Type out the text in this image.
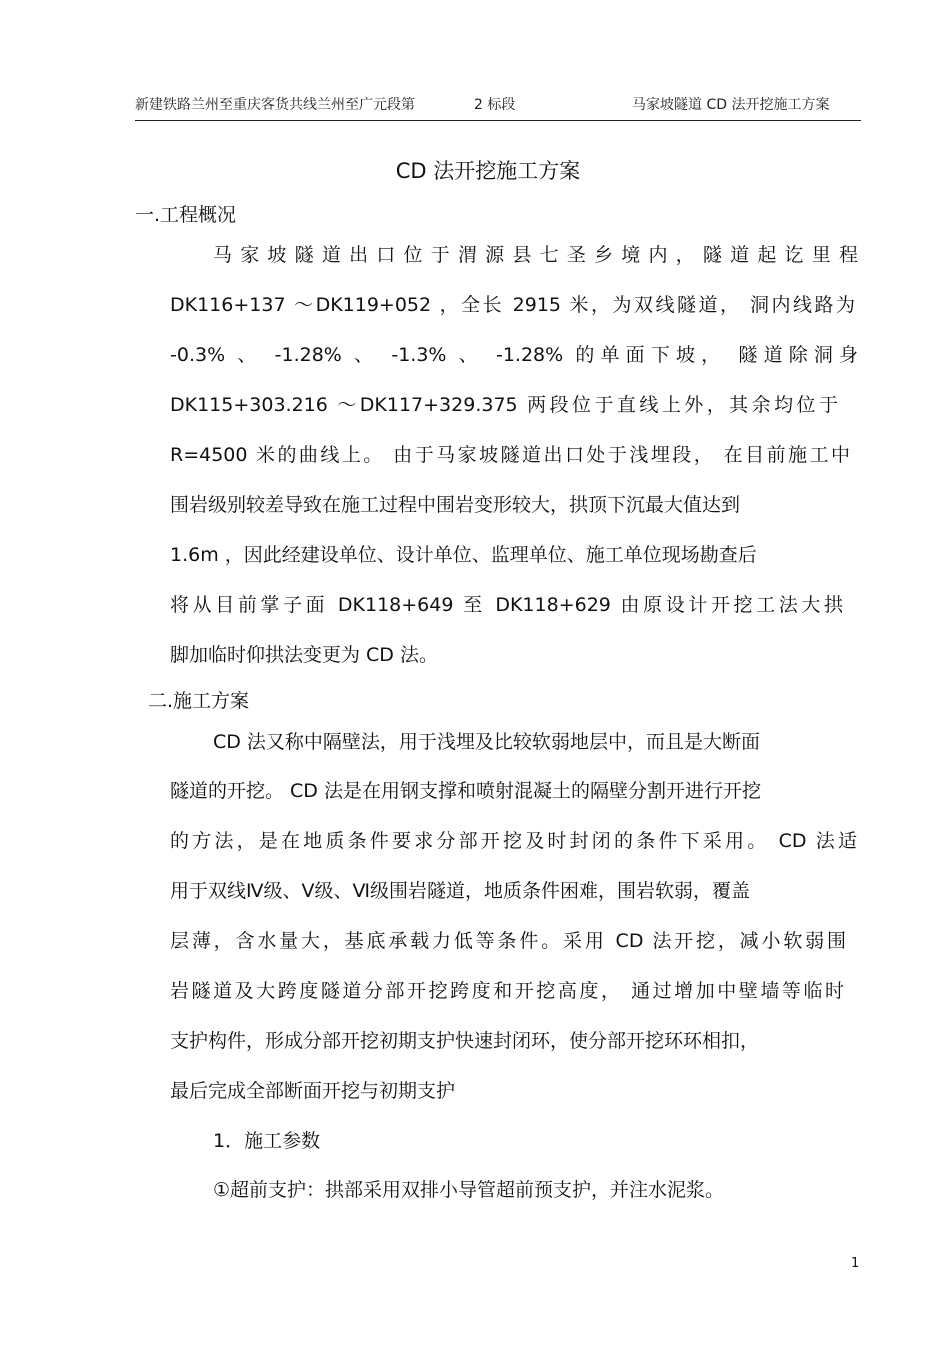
新建铁路兰州至重庆客货共线兰州至广元段第	2 标段	马家坡隧道 CD 法开挖施工方案
CD 法开挖施工方案
一.工程概况
马家坡隧道出口位于渭源县七圣乡境内，隧道起讫里程
DK116+137 ～DK119+052 ，全长 2915 米，为双线隧道， 洞内线路为
-0.3% 、 -1.28% 、 -1.3% 、 -1.28% 的单面下坡， 隧道除洞身
DK115+303.216 ～DK117+329.375 两段位于直线上外，其余均位于
R=4500 米的曲线上。 由于马家坡隧道出口处于浅埋段， 在目前施工中
围岩级别较差导致在施工过程中围岩变形较大，拱顶下沉最大值达到
1.6m ，因此经建设单位、设计单位、监理单位、施工单位现场勘查后
将从目前掌子面 DK118+649 至 DK118+629 由原设计开挖工法大拱
脚加临时仰拱法变更为 CD 法。
二.施工方案
CD 法又称中隔壁法，用于浅埋及比较软弱地层中，而且是大断面
隧道的开挖。 CD 法是在用钢支撑和喷射混凝土的隔壁分割开进行开挖
的方法，是在地质条件要求分部开挖及时封闭的条件下采用。 CD 法适
用于双线Ⅳ级、Ⅴ级、Ⅵ级围岩隧道，地质条件困难，围岩软弱，覆盖
层薄，含水量大，基底承载力低等条件。采用 CD 法开挖，减小软弱围
岩隧道及大跨度隧道分部开挖跨度和开挖高度， 通过增加中壁墙等临时
支护构件，形成分部开挖初期支护快速封闭环，使分部开挖环环相扣，
最后完成全部断面开挖与初期支护
1．施工参数
①超前支护：拱部采用双排小导管超前预支护，并注水泥浆。
1
